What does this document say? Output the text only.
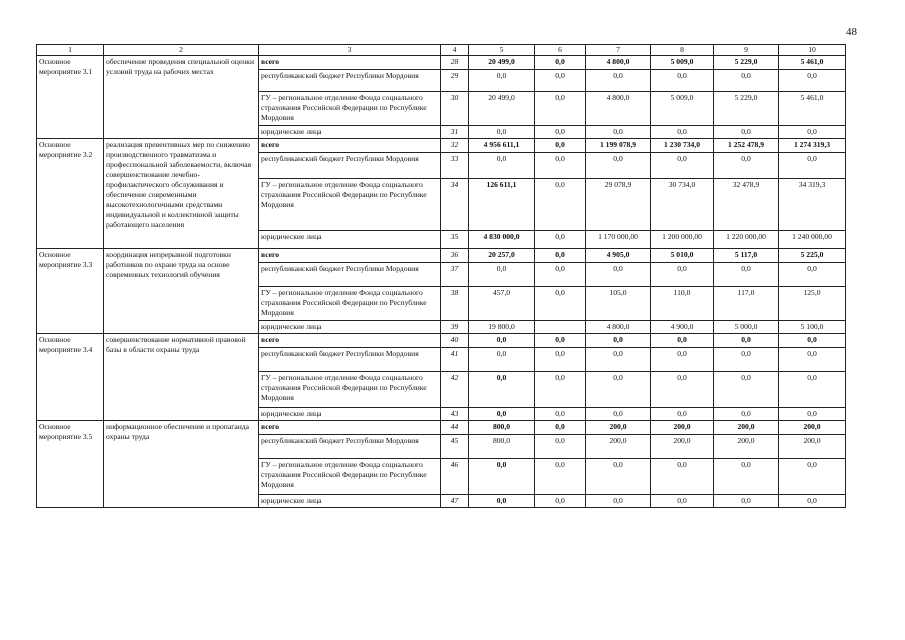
48
1	2	3	4	5	6	7	8	9	10
Основное мероприятие 3.1	обеспечение проведения специальной оценки условий труда на рабочих местах	всего	28	20 499,0	0,0	4 800,0	5 009,0	5 229,0	5 461,0
		республиканский бюджет Республики Мордовия	29	0,0	0,0	0,0	0,0	0,0	0,0
		ГУ – региональное отделение Фонда социального страхования Российской Федерации по Республике Мордовия	30	20 499,0	0,0	4 800,0	5 009,0	5 229,0	5 461,0
		юридические лица	31	0,0	0,0	0,0	0,0	0,0	0,0
Основное мероприятие 3.2	реализация превентивных мер по снижению производственного травматизма и профессиональной заболеваемости, включая совершенствование лечебно-профилактического обслуживания и обеспечение современными высокотехнологичными средствами индивидуальной и коллективной защиты работающего населения	всего	32	4 956 611,1	0,0	1 199 078,9	1 230 734,0	1 252 478,9	1 274 319,3
		республиканский бюджет Республики Мордовия	33	0,0	0,0	0,0	0,0	0,0	0,0
		ГУ – региональное отделение Фонда социального страхования Российской Федерации по Республике Мордовия	34	126 611,1	0,0	29 078,9	30 734,0	32 478,9	34 319,3
		юридические лица	35	4 830 000,0	0,0	1 170 000,00	1 200 000,00	1 220 000,00	1 240 000,00
Основное мероприятие 3.3	координация непрерывной подготовки работников по охране труда на основе современных технологий обучения	всего	36	20 257,0	0,0	4 905,0	5 010,0	5 117,0	5 225,0
		республиканский бюджет Республики Мордовия	37	0,0	0,0	0,0	0,0	0,0	0,0
		ГУ – региональное отделение Фонда социального страхования Российской Федерации по Республике Мордовия	38	457,0	0,0	105,0	110,0	117,0	125,0
		юридические лица	39	19 800,0		4 800,0	4 900,0	5 000,0	5 100,0
Основное мероприятие 3.4	совершенствование нормативной правовой базы в области охраны труда	всего	40	0,0	0,0	0,0	0,0	0,0	0,0
		республиканский бюджет Республики Мордовия	41	0,0	0,0	0,0	0,0	0,0	0,0
		ГУ – региональное отделение Фонда социального страхования Российской Федерации по Республике Мордовия	42	0,0	0,0	0,0	0,0	0,0	0,0
		юридические лица	43	0,0	0,0	0,0	0,0	0,0	0,0
Основное мероприятие 3.5	информационное обеспечение и пропаганда охраны труда	всего	44	800,0	0,0	200,0	200,0	200,0	200,0
		республиканский бюджет Республики Мордовия	45	800,0	0,0	200,0	200,0	200,0	200,0
		ГУ – региональное отделение Фонда социального страхования Российской Федерации по Республике Мордовия	46	0,0	0,0	0,0	0,0	0,0	0,0
		юридические лица	47	0,0	0,0	0,0	0,0	0,0	0,0
